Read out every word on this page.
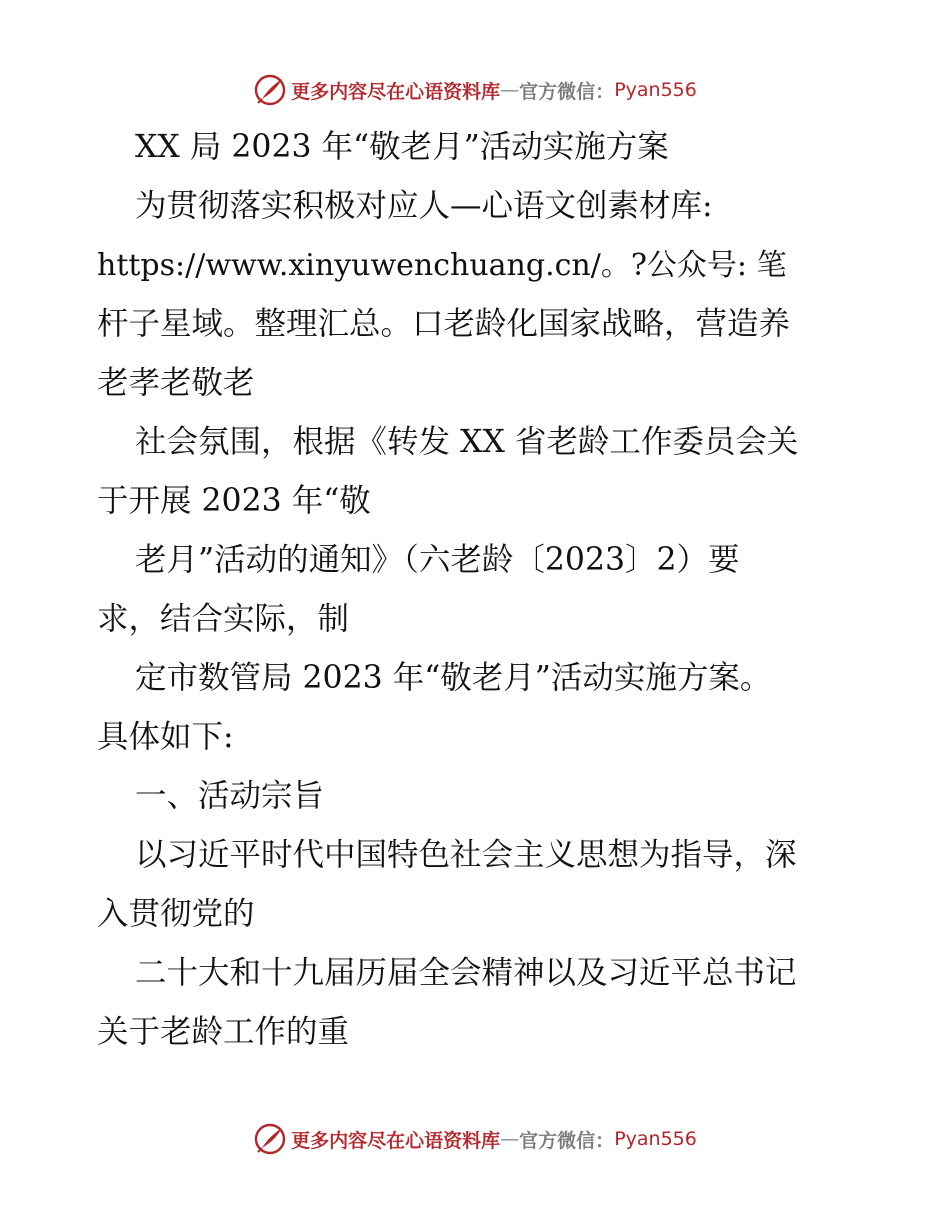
更多内容尽在心语资料库 — 官方微信： Pyan556
XX 局 2023 年“敬老月”活动实施方案
为贯彻落实积极对应人—心语文创素材库:
https://www.xinyuwenchuang.cn/。?公众号: 笔
杆子星域。整理汇总。口老龄化国家战略，营造养
老孝老敬老
社会氛围，根据《转发 XX 省老龄工作委员会关
于开展 2023 年“敬
老月”活动的通知》（六老龄〔2023〕2）要
求，结合实际，制
定市数管局 2023 年“敬老月”活动实施方案。
具体如下:
一、活动宗旨
以习近平时代中国特色社会主义思想为指导，深
入贯彻党的
二十大和十九届历届全会精神以及习近平总书记
关于老龄工作的重
更多内容尽在心语资料库 — 官方微信： Pyan556
